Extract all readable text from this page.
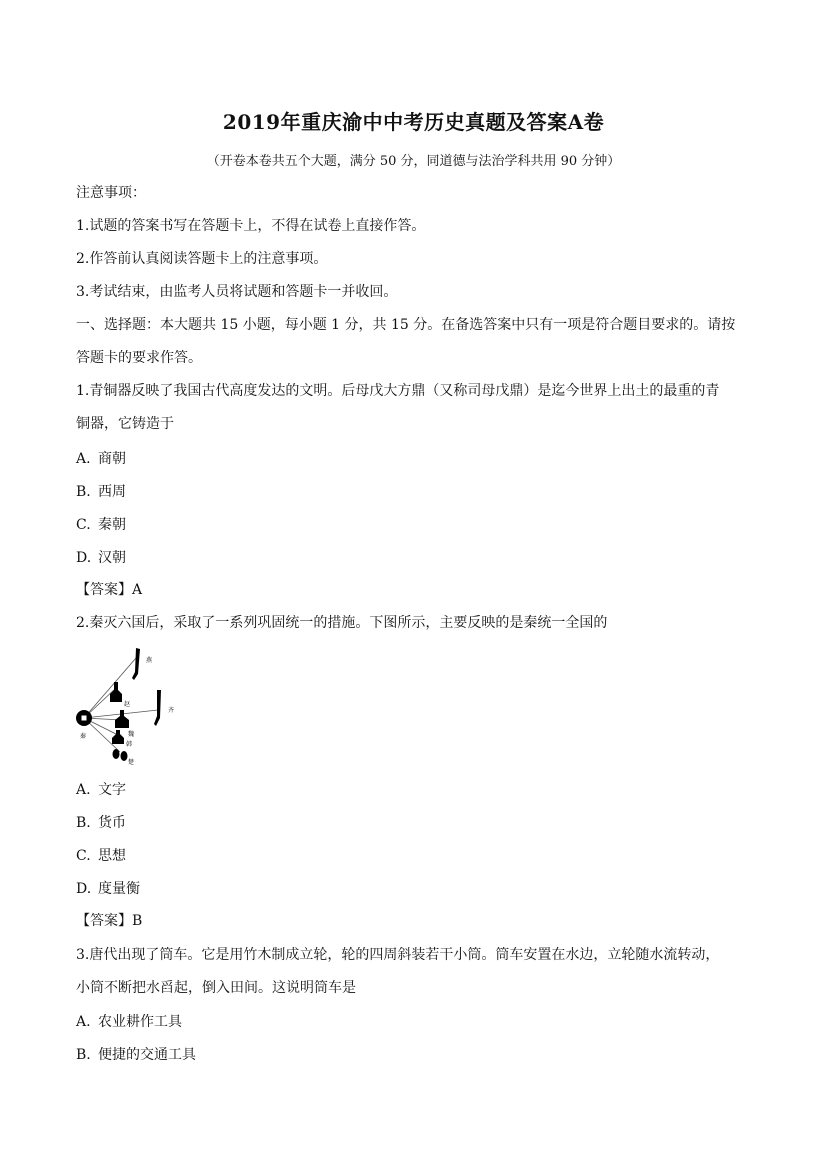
2019年重庆渝中中考历史真题及答案A卷
（开卷本卷共五个大题，满分 50 分，同道德与法治学科共用 90 分钟）
注意事项：
1.试题的答案书写在答题卡上，不得在试卷上直接作答。
2.作答前认真阅读答题卡上的注意事项。
3.考试结束，由监考人员将试题和答题卡一并收回。
一、选择题：本大题共 15 小题，每小题 1 分，共 15 分。在备选答案中只有一项是符合题目要求的。请按
答题卡的要求作答。
1.青铜器反映了我国古代高度发达的文明。后母戊大方鼎（又称司母戊鼎）是迄今世界上出土的最重的青
铜器，它铸造于
A. 商朝
B. 西周
C. 秦朝
D. 汉朝
【答案】A
2.秦灭六国后，采取了一系列巩固统一的措施。下图所示，主要反映的是秦统一全国的
燕
齐
赵
魏
韩
楚
秦
A. 文字
B. 货币
C. 思想
D. 度量衡
【答案】B
3.唐代出现了筒车。它是用竹木制成立轮，轮的四周斜装若干小筒。筒车安置在水边，立轮随水流转动，
小筒不断把水舀起，倒入田间。这说明筒车是
A. 农业耕作工具
B. 便捷的交通工具
